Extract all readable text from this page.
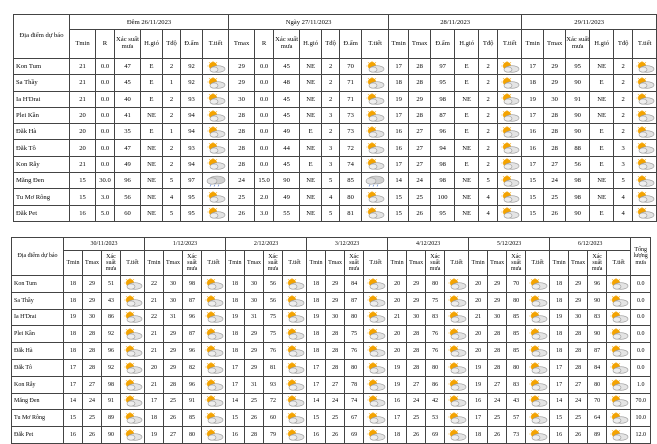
Địa điểm dự báo	Đêm 26/11/2023							Ngày 27/11/2023							28/11/2023						29/11/2023					
	Tmin	R	Xác suất mưa	H.gió	Tđộ	Đ.ẩm	T.tiết	Tmax	R	Xác suất mưa	H.gió	Tđộ	Đ.ẩm	T.tiết	Tmin	Tmax	Đ.ẩm	H.gió	Tđộ	T.tiết	Tmin	Tmax	Xác suất mưa	H.gió	Tđộ	T.tiết
Kon Tum	21	0.0	47	E	2	92		29	0.0	45	NE	2	70		17	28	97	E	2		17	29	95	NE	2	

Sa Thầy	21	0.0	45	E	1	92		29	0.0	48	NE	2	71		18	28	95	E	2		18	29	90	E	2	

Ia H'Drai	21	0.0	40	E	2	93		30	0.0	45	NE	2	71		19	29	98	NE	2		19	30	91	NE	2	

Plei Kần	20	0.0	41	NE	2	94		28	0.0	45	NE	3	73		17	28	87	E	2		17	28	90	NE	2	

Đăk Hà	20	0.0	35	E	1	94		28	0.0	49	E	2	73		16	27	96	E	2		16	28	90	E	2	

Đăk Tô	20	0.0	47	NE	2	93		28	0.0	44	NE	3	72		16	27	94	NE	2		16	28	88	E	3	

Kon Rẫy	21	0.0	49	NE	2	94		28	0.0	45	E	3	74		17	27	98	E	2		17	27	56	E	3	

Măng Đen	15	30.0	96	NE	5	97		24	15.0	90	NE	5	85		14	24	98	NE	5		15	24	98	NE	5	

Tu Mơ Rông	15	3.0	56	NE	4	95		25	2.0	49	NE	4	80		15	25	100	NE	4		15	25	98	NE	4	

Đăk Pet	16	5.0	60	NE	5	95		26	3.0	55	NE	5	81		15	26	95	NE	4		15	26	90	E	4	
Địa điểm dự báo	30/11/2023				1/12/2023				2/12/2023				3/12/2023				4/12/2023				5/12/2023				6/12/2023				Tổng lượng mưa
	Tmin	Tmax	Xác suất mưa	T.tiết	Tmin	Tmax	Xác suất mưa	T.tiết	Tmin	Tmax	Xác suất mưa	T.tiết	Tmin	Tmax	Xác suất mưa	T.tiết	Tmin	Tmax	Xác suất mưa	T.tiết	Tmin	Tmax	Xác suất mưa	T.tiết	Tmin	Tmax	Xác suất mưa	T.tiết	
Kon Tum	18	29	51		22	30	98		18	30	56		18	29	84		20	29	80		20	29	70		18	29	96		0.0
Sa Thầy	18	29	43		21	30	87		18	30	56		18	29	87		20	29	75		20	29	80		18	29	90		0.0
Ia H'Drai	19	30	86		22	31	96		19	31	75		19	30	80		21	30	83		21	30	85		19	30	83		0.0
Plei Kần	18	28	92		21	29	87		18	29	75		18	28	75		20	28	76		20	28	85		18	28	90		0.0
Đăk Hà	18	28	96		21	29	96		18	29	76		18	28	76		20	28	76		20	28	85		18	28	87		0.0
Đăk Tô	17	28	92		20	29	82		17	29	81		17	28	80		19	28	80		19	28	80		17	28	84		0.0
Kon Rẫy	17	27	98		21	28	96		17	31	93		17	27	78		19	27	86		19	27	83		17	27	80		1.0
Măng Đen	14	24	91		17	25	91		14	25	72		14	24	74		16	24	42		16	24	43		14	24	70		70.0
Tu Mơ Rông	15	25	89		18	26	85		15	26	60		15	25	67		17	25	53		17	25	57		15	25	64		10.0
Đăk Pet	16	26	90		19	27	80		16	28	79		16	26	69		18	26	69		18	26	73		16	26	89		12.0
